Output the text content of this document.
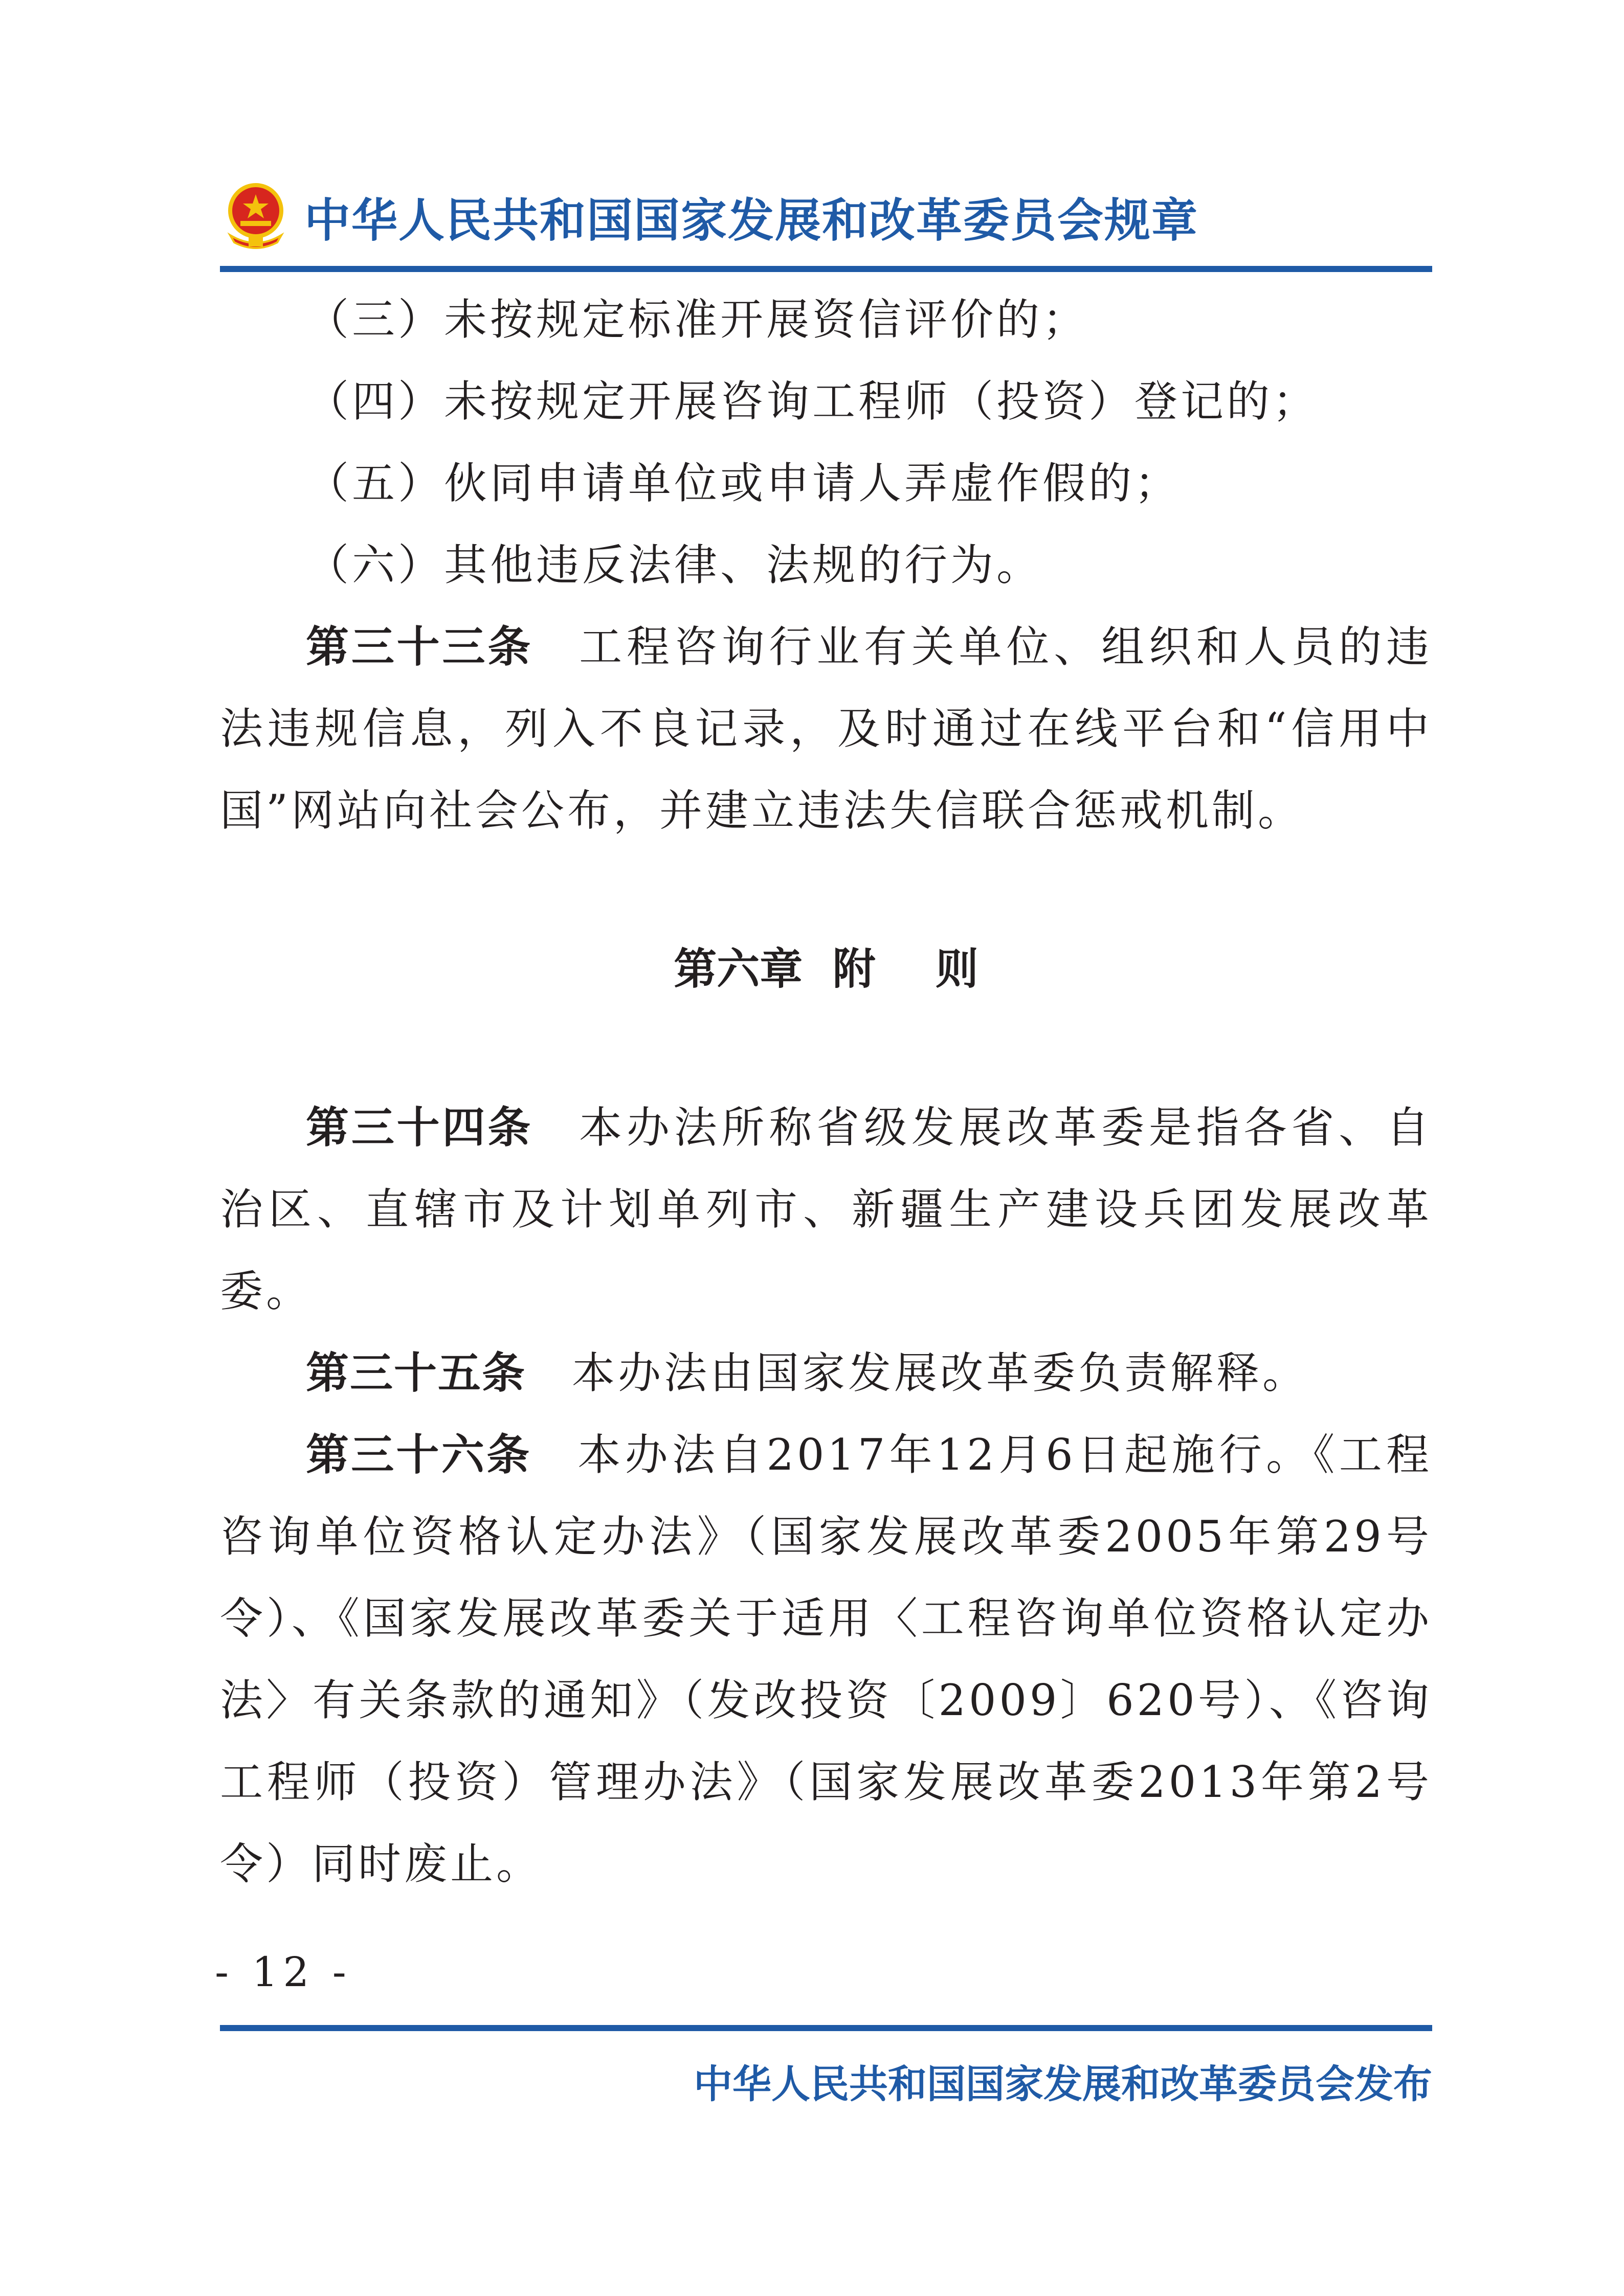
中华人民共和国国家发展和改革委员会规章

（三）未按规定标准开展资信评价的；

（四）未按规定开展咨询工程师（投资）登记的；

（五）伙同申请单位或申请人弄虚作假的；

（六）其他违反法律、法规的行为。

第三十三条 工程咨询行业有关单位、组织和人员的违法违规信息，列入不良记录，及时通过在线平台和“信用中国”网站向社会公布，并建立违法失信联合惩戒机制。

第六章  附    则

第三十四条 本办法所称省级发展改革委是指各省、自治区、直辖市及计划单列市、新疆生产建设兵团发展改革委。

第三十五条 本办法由国家发展改革委负责解释。

第三十六条 本办法自2017年12月6日起施行。《工程咨询单位资格认定办法》（国家发展改革委2005年第29号令）、《国家发展改革委关于适用〈工程咨询单位资格认定办法〉有关条款的通知》（发改投资〔2009〕620号）、《咨询工程师（投资）管理办法》（国家发展改革委2013年第2号令）同时废止。

- 12 -
中华人民共和国国家发展和改革委员会发布
